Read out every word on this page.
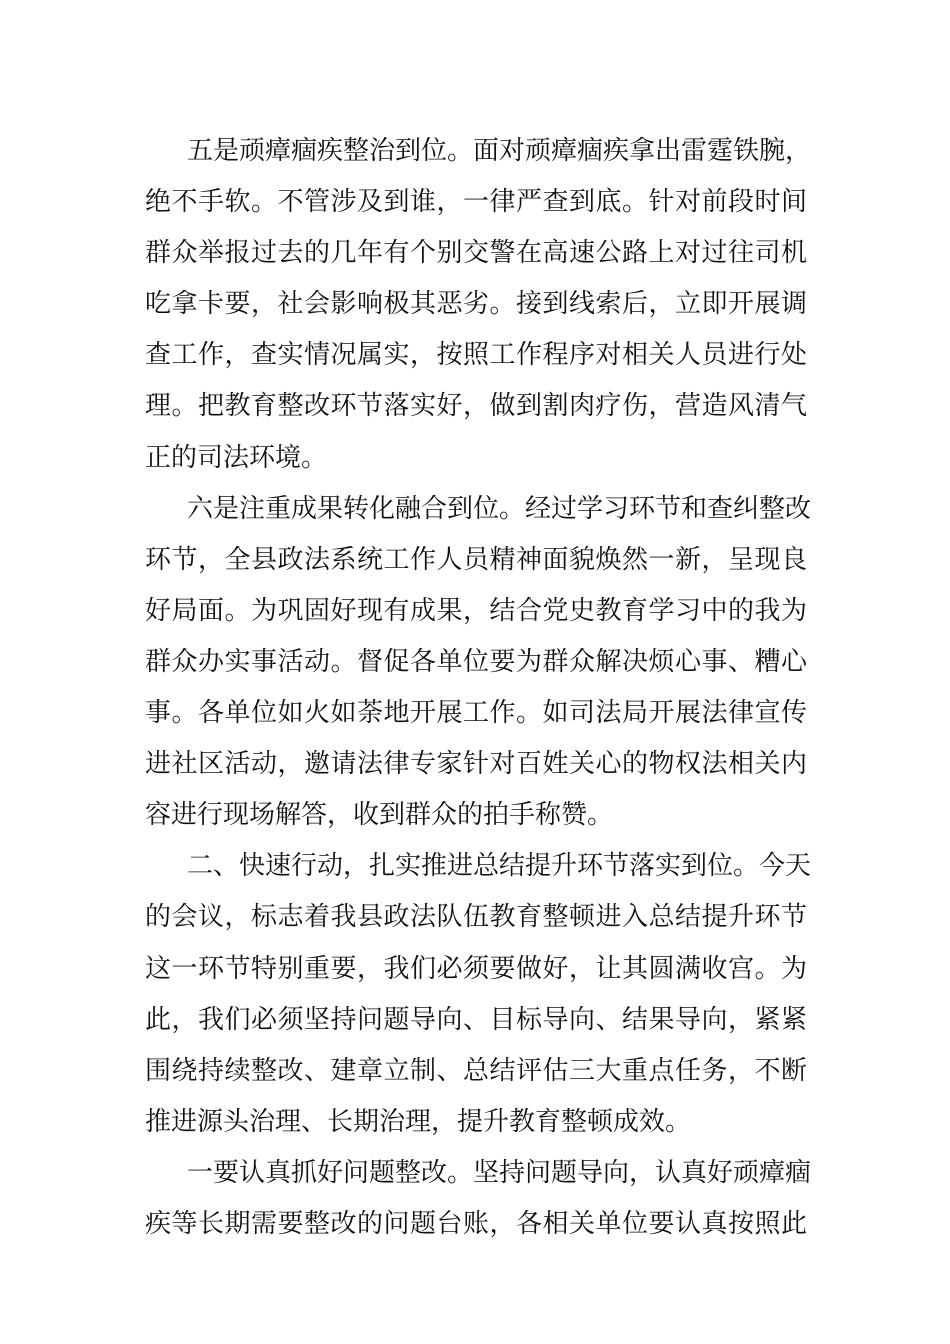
五是顽瘴痼疾整治到位。面对顽瘴痼疾拿出雷霆铁腕，
绝不手软。不管涉及到谁，一律严查到底。针对前段时间
群众举报过去的几年有个别交警在高速公路上对过往司机
吃拿卡要，社会影响极其恶劣。接到线索后，立即开展调
查工作，查实情况属实，按照工作程序对相关人员进行处
理。把教育整改环节落实好，做到割肉疗伤，营造风清气
正的司法环境。
六是注重成果转化融合到位。经过学习环节和查纠整改
环节，全县政法系统工作人员精神面貌焕然一新，呈现良
好局面。为巩固好现有成果，结合党史教育学习中的我为
群众办实事活动。督促各单位要为群众解决烦心事、糟心
事。各单位如火如荼地开展工作。如司法局开展法律宣传
进社区活动，邀请法律专家针对百姓关心的物权法相关内
容进行现场解答，收到群众的拍手称赞。
二、快速行动，扎实推进总结提升环节落实到位。今天
的会议，标志着我县政法队伍教育整顿进入总结提升环节
这一环节特别重要，我们必须要做好，让其圆满收宫。为
此，我们必须坚持问题导向、目标导向、结果导向，紧紧
围绕持续整改、建章立制、总结评估三大重点任务，不断
推进源头治理、长期治理，提升教育整顿成效。
一要认真抓好问题整改。坚持问题导向，认真好顽瘴痼
疾等长期需要整改的问题台账，各相关单位要认真按照此
